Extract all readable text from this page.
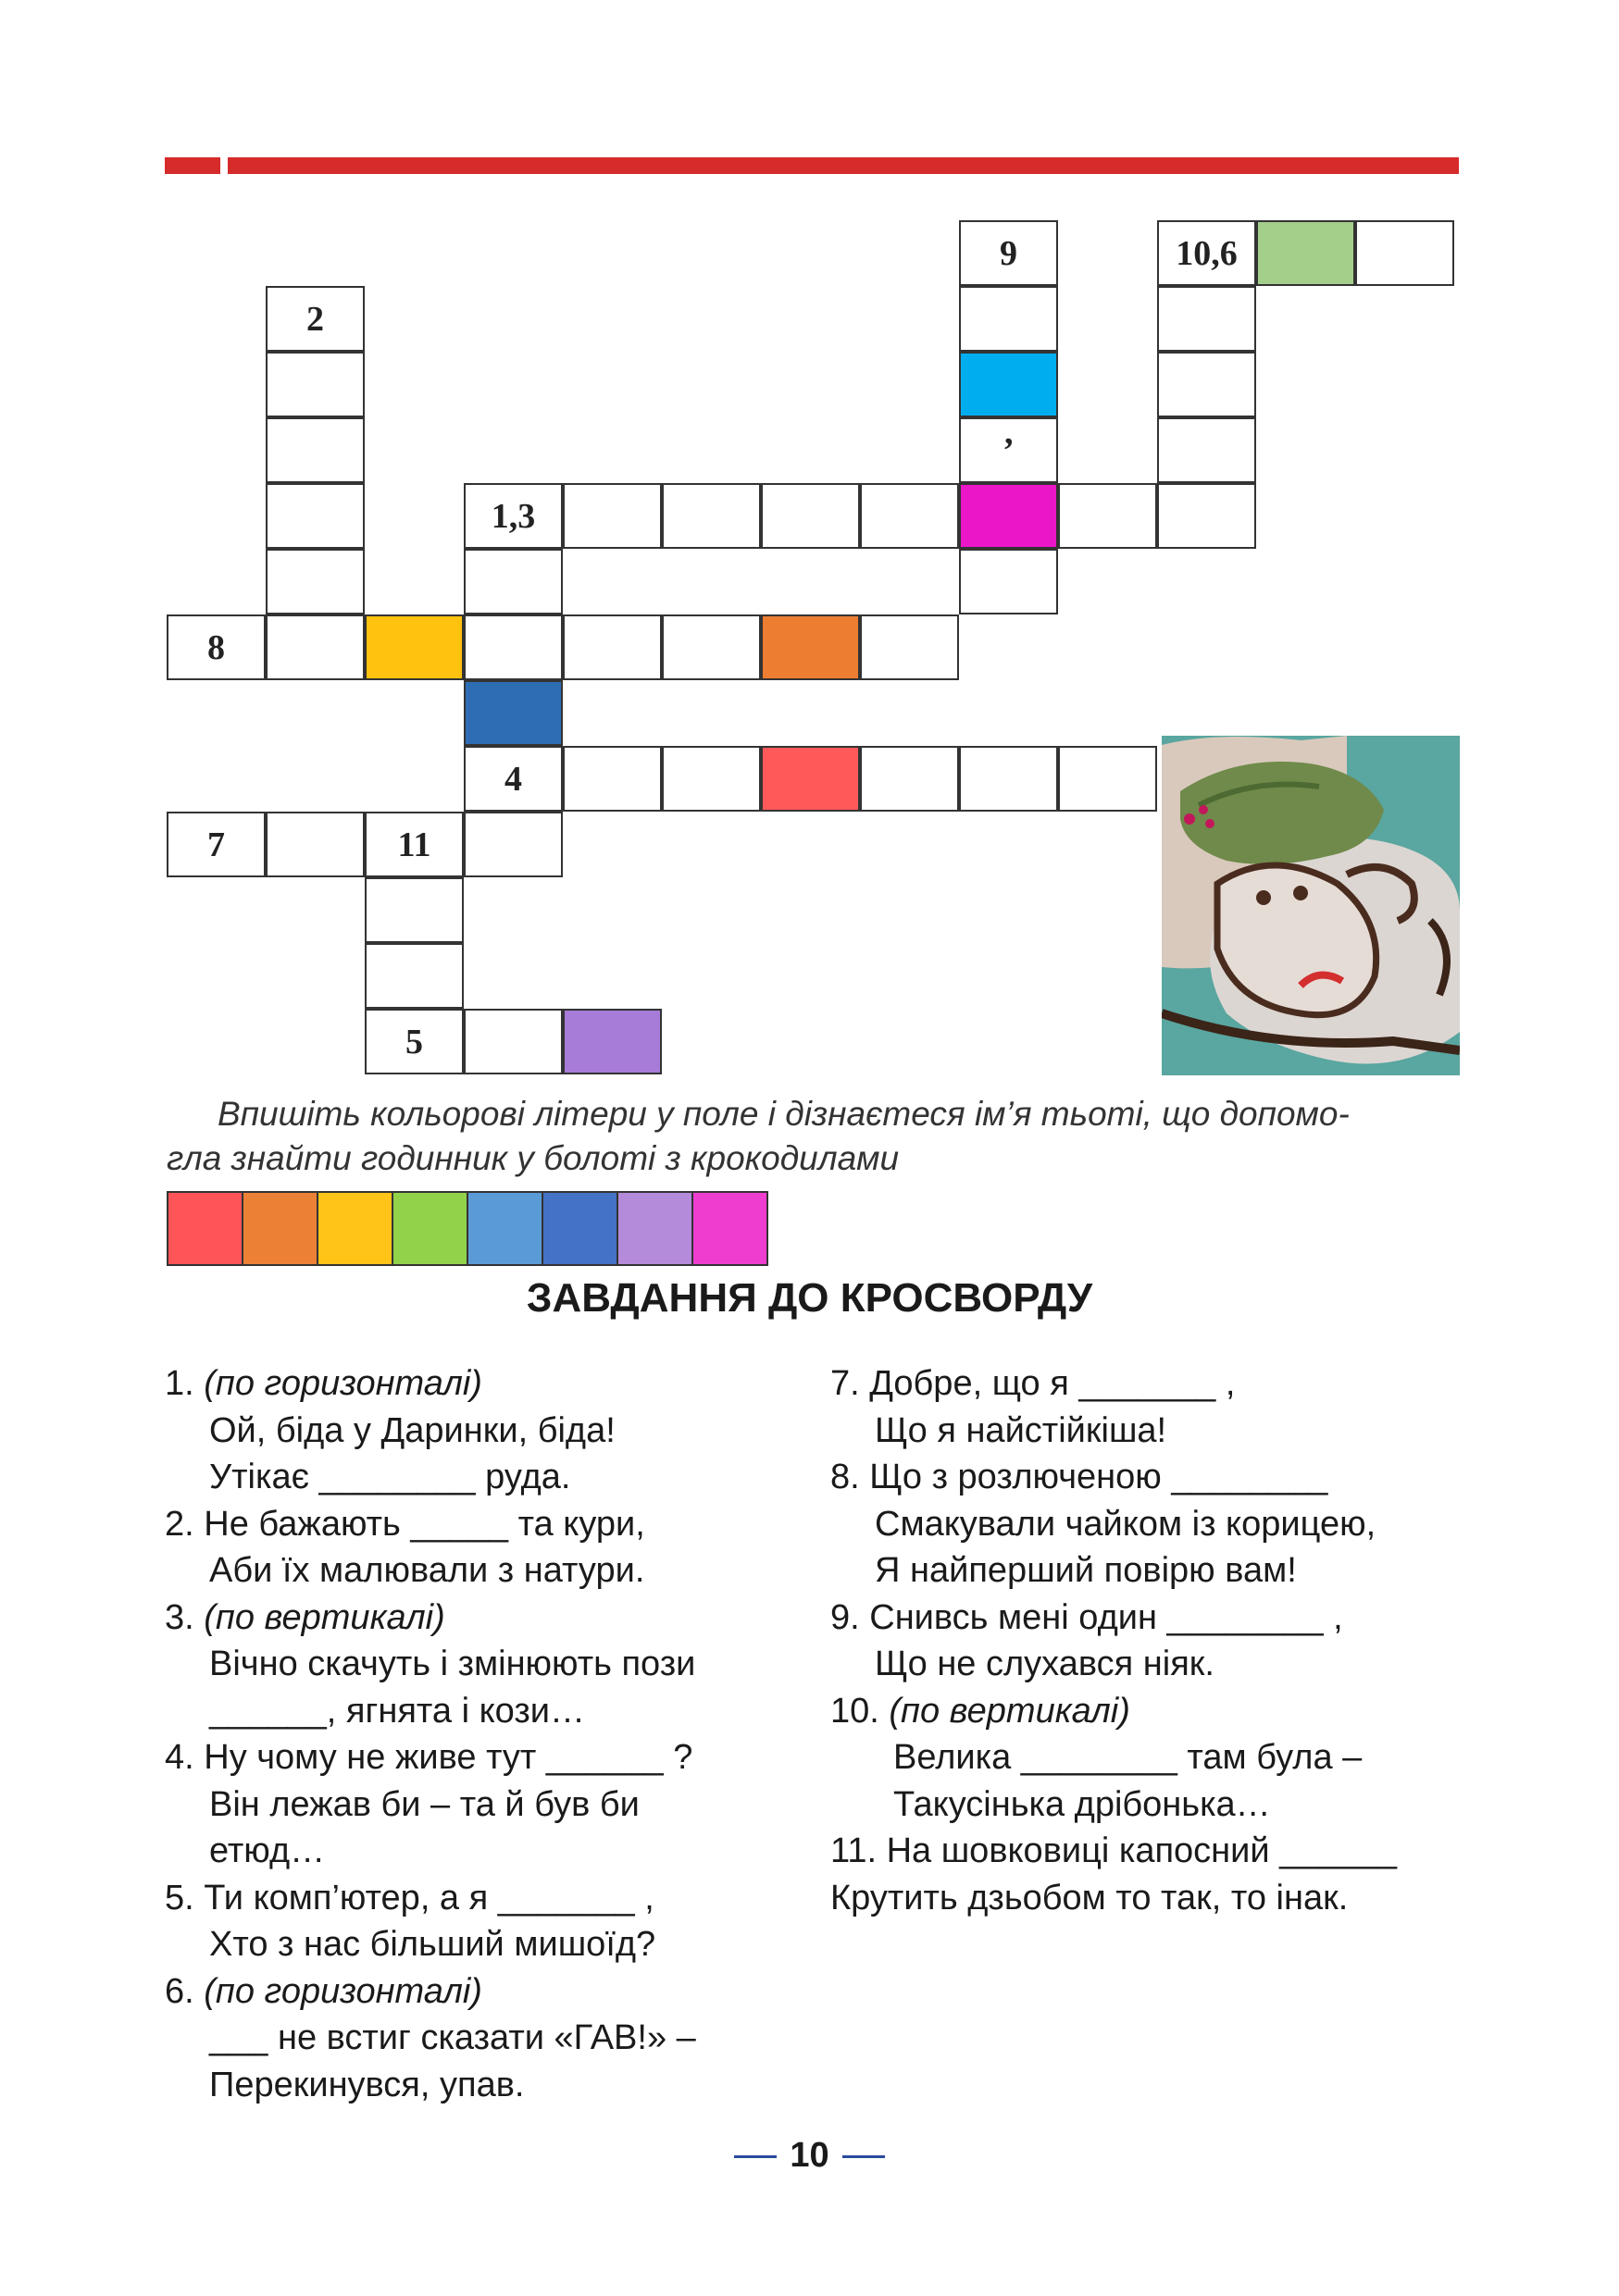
9	10,6
2
’
1,3
8
4
7	11
5
Впишіть кольорові літери у поле і дізнаєтеся ім’я тьоті, що допомо-
гла знайти годинник у болоті з крокодилами
ЗАВДАННЯ ДО КРОСВОРДУ
1. (по горизонталі)
Ой, біда у Даринки, біда!
Утікає ________ руда.
2. Не бажають _____ та кури,
Аби їх малювали з натури.
3. (по вертикалі)
Вічно скачуть і змінюють пози
______, ягнята і кози…
4. Ну чому не живе тут ______ ?
Він лежав би – та й був би
етюд…
5. Ти комп’ютер, а я _______ ,
Хто з нас більший мишоїд?
6. (по горизонталі)
___ не встиг сказати «ГАВ!» –
Перекинувся, упав.
7. Добре, що я _______ ,
Що я найстійкіша!
8. Що з розлюченою ________
Смакували чайком із корицею,
Я найперший повірю вам!
9. Снивсь мені один ________ ,
Що не слухався ніяк.
10. (по вертикалі)
Велика ________ там була –
Такусінька дрібонька…
11. На шовковиці капосний ______
Крутить дзьобом то так, то інак.
10
